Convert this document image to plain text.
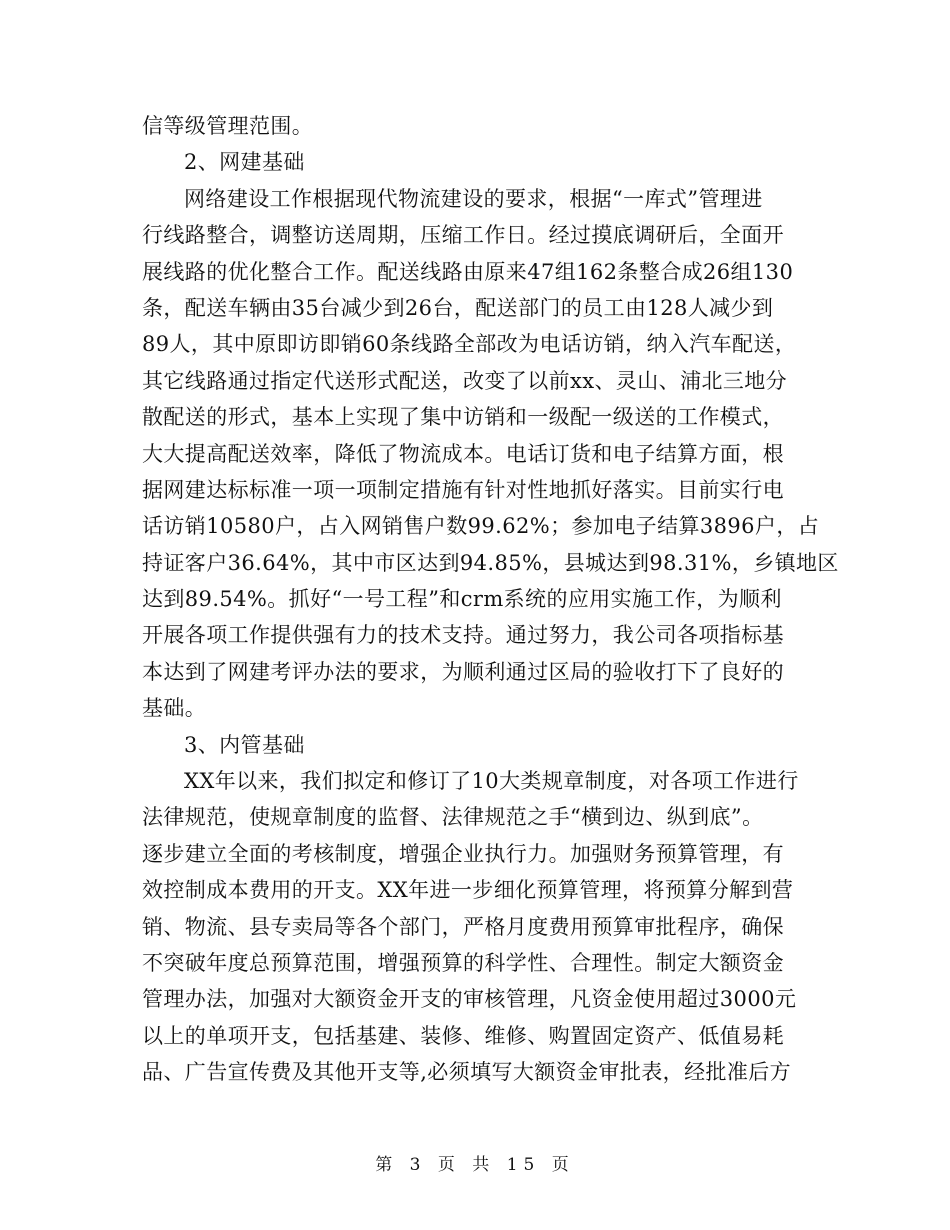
信等级管理范围。
2、网建基础
网络建设工作根据现代物流建设的要求，根据“一库式”管理进
行线路整合，调整访送周期，压缩工作日。经过摸底调研后，全面开
展线路的优化整合工作。配送线路由原来47组162条整合成26组130
条，配送车辆由35台减少到26台，配送部门的员工由128人减少到
89人，其中原即访即销60条线路全部改为电话访销，纳入汽车配送，
其它线路通过指定代送形式配送，改变了以前xx、灵山、浦北三地分
散配送的形式，基本上实现了集中访销和一级配一级送的工作模式，
大大提高配送效率，降低了物流成本。电话订货和电子结算方面，根
据网建达标标准一项一项制定措施有针对性地抓好落实。目前实行电
话访销10580户，占入网销售户数99.62%；参加电子结算3896户，占
持证客户36.64%，其中市区达到94.85%，县城达到98.31%，乡镇地区
达到89.54%。抓好“一号工程”和crm系统的应用实施工作，为顺利
开展各项工作提供强有力的技术支持。通过努力，我公司各项指标基
本达到了网建考评办法的要求，为顺利通过区局的验收打下了良好的
基础。
3、内管基础
XX年以来，我们拟定和修订了10大类规章制度，对各项工作进行
法律规范，使规章制度的监督、法律规范之手“横到边、纵到底”。
逐步建立全面的考核制度，增强企业执行力。加强财务预算管理，有
效控制成本费用的开支。XX年进一步细化预算管理，将预算分解到营
销、物流、县专卖局等各个部门，严格月度费用预算审批程序，确保
不突破年度总预算范围，增强预算的科学性、合理性。制定大额资金
管理办法，加强对大额资金开支的审核管理，凡资金使用超过3000元
以上的单项开支，包括基建、装修、维修、购置固定资产、低值易耗
品、广告宣传费及其他开支等,必须填写大额资金审批表，经批准后方
第 3 页 共 15 页
